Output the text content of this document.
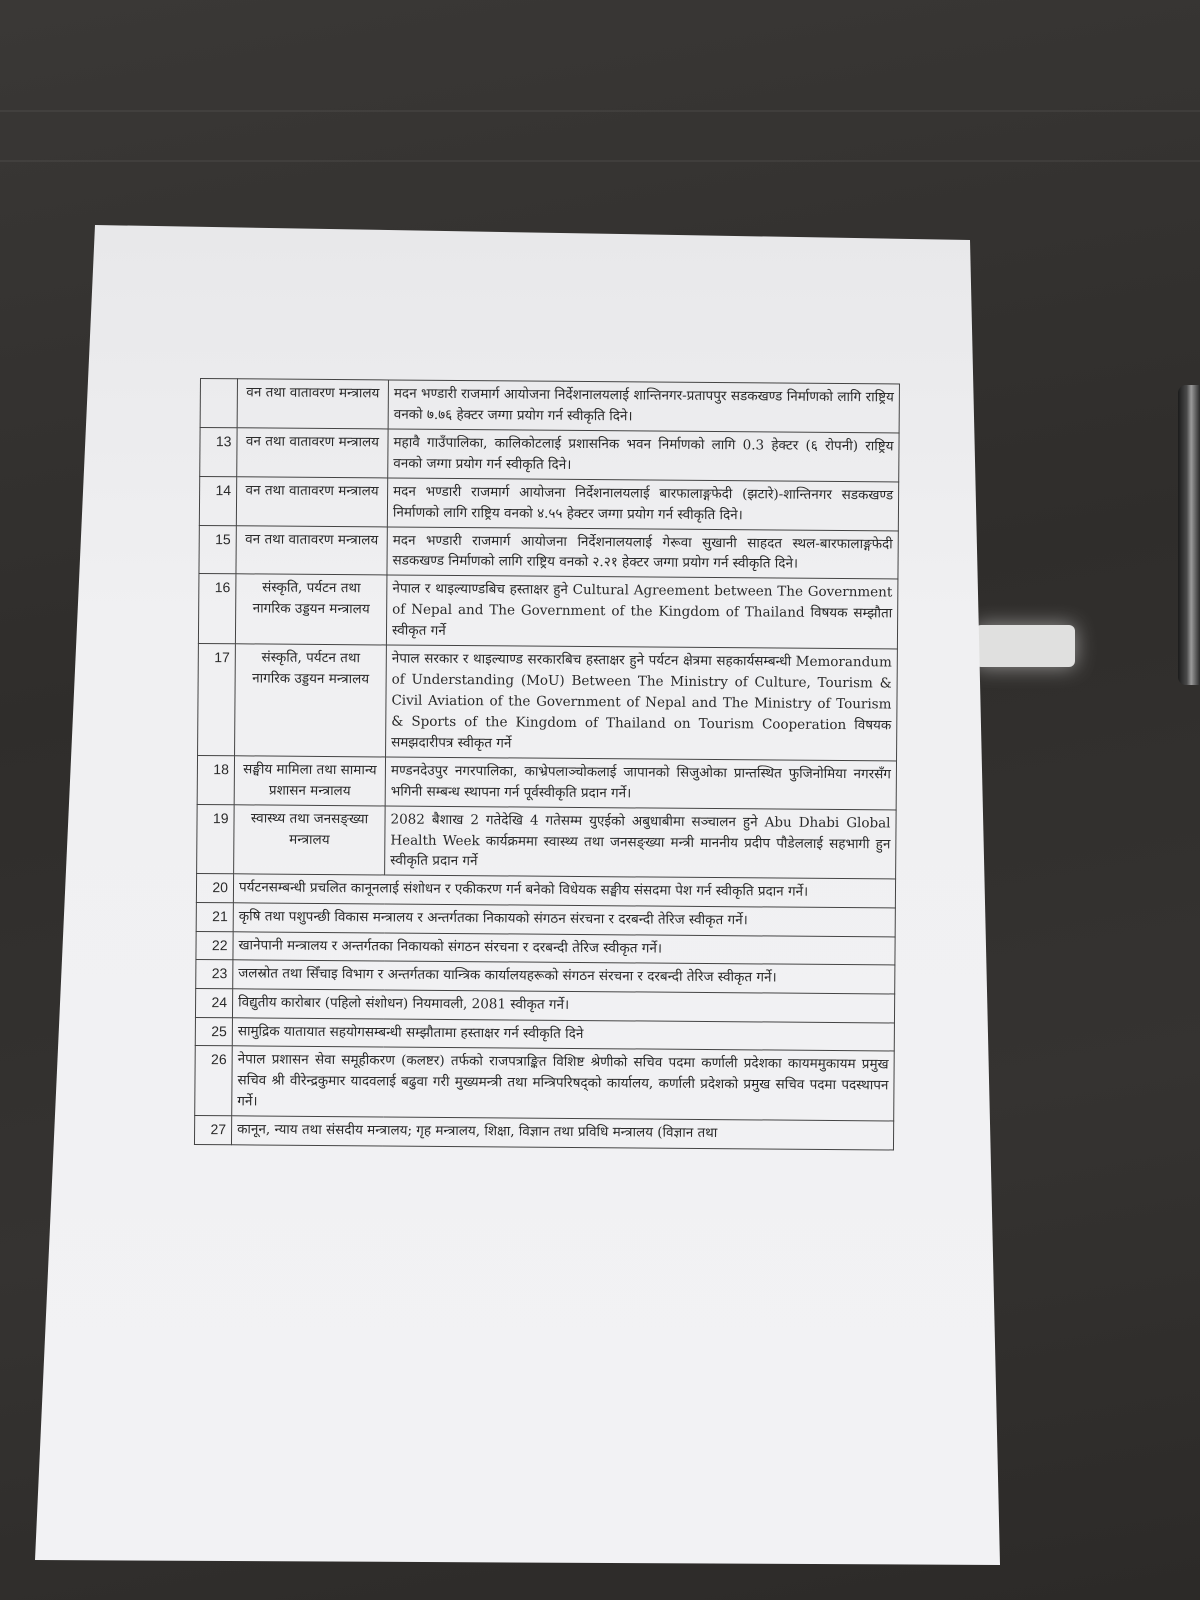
	वन तथा वातावरण मन्त्रालय	मदन भण्डारी राजमार्ग आयोजना निर्देशनालयलाई शान्तिनगर-प्रतापपुर सडकखण्ड निर्माणको लागि राष्ट्रिय वनको ७.७६ हेक्टर जग्गा प्रयोग गर्न स्वीकृति दिने।
13	वन तथा वातावरण मन्त्रालय	महावै गाउँपालिका, कालिकोटलाई प्रशासनिक भवन निर्माणको लागि 0.3 हेक्टर (६ रोपनी) राष्ट्रिय वनको जग्गा प्रयोग गर्न स्वीकृति दिने।
14	वन तथा वातावरण मन्त्रालय	मदन भण्डारी राजमार्ग आयोजना निर्देशनालयलाई बारफालाङ्गफेदी (झटारे)-शान्तिनगर सडकखण्ड निर्माणको लागि राष्ट्रिय वनको ४.५५ हेक्टर जग्गा प्रयोग गर्न स्वीकृति दिने।
15	वन तथा वातावरण मन्त्रालय	मदन भण्डारी राजमार्ग आयोजना निर्देशनालयलाई गेरूवा सुखानी साहदत स्थल-बारफालाङ्गफेदी सडकखण्ड निर्माणको लागि राष्ट्रिय वनको २.२१ हेक्टर जग्गा प्रयोग गर्न स्वीकृति दिने।
16	संस्कृति, पर्यटन तथा नागरिक उड्डयन मन्त्रालय	नेपाल र थाइल्याण्डबिच हस्ताक्षर हुने Cultural Agreement between The Government of Nepal and The Government of the Kingdom of Thailand विषयक सम्झौता स्वीकृत गर्ने
17	संस्कृति, पर्यटन तथा नागरिक उड्डयन मन्त्रालय	नेपाल सरकार र थाइल्याण्ड सरकारबिच हस्ताक्षर हुने पर्यटन क्षेत्रमा सहकार्यसम्बन्धी Memorandum of Understanding (MoU) Between The Ministry of Culture, Tourism & Civil Aviation of the Government of Nepal and The Ministry of Tourism & Sports of the Kingdom of Thailand on Tourism Cooperation विषयक समझदारीपत्र स्वीकृत गर्ने
18	सङ्घीय मामिला तथा सामान्य प्रशासन मन्त्रालय	मण्डनदेउपुर नगरपालिका, काभ्रेपलाञ्चोकलाई जापानको सिजुओका प्रान्तस्थित फुजिनोमिया नगरसँग भगिनी सम्बन्ध स्थापना गर्न पूर्वस्वीकृति प्रदान गर्ने।
19	स्वास्थ्य तथा जनसङ्ख्या मन्त्रालय	2082 बैशाख 2 गतेदेखि 4 गतेसम्म युएईको अबुधाबीमा सञ्चालन हुने Abu Dhabi Global Health Week कार्यक्रममा स्वास्थ्य तथा जनसङ्ख्या मन्त्री माननीय प्रदीप पौडेललाई सहभागी हुन स्वीकृति प्रदान गर्ने
20	पर्यटनसम्बन्धी प्रचलित कानूनलाई संशोधन र एकीकरण गर्न बनेको विधेयक सङ्घीय संसदमा पेश गर्न स्वीकृति प्रदान गर्ने।	
21	कृषि तथा पशुपन्छी विकास मन्त्रालय र अन्तर्गतका निकायको संगठन संरचना र दरबन्दी तेरिज स्वीकृत गर्ने।	
22	खानेपानी मन्त्रालय र अन्तर्गतका निकायको संगठन संरचना र दरबन्दी तेरिज स्वीकृत गर्ने।	
23	जलस्रोत तथा सिँचाइ विभाग र अन्तर्गतका यान्त्रिक कार्यालयहरूको संगठन संरचना र दरबन्दी तेरिज स्वीकृत गर्ने।	
24	विद्युतीय कारोबार (पहिलो संशोधन) नियमावली, 2081 स्वीकृत गर्ने।	
25	सामुद्रिक यातायात सहयोगसम्बन्धी सम्झौतामा हस्ताक्षर गर्न स्वीकृति दिने	
26	नेपाल प्रशासन सेवा समूहीकरण (कलष्टर) तर्फको राजपत्राङ्कित विशिष्ट श्रेणीको सचिव पदमा कर्णाली प्रदेशका कायममुकायम प्रमुख सचिव श्री वीरेन्द्रकुमार यादवलाई बढुवा गरी मुख्यमन्त्री तथा मन्त्रिपरिषद्को कार्यालय, कर्णाली प्रदेशको प्रमुख सचिव पदमा पदस्थापन गर्ने।	
27	कानून, न्याय तथा संसदीय मन्त्रालय; गृह मन्त्रालय, शिक्षा, विज्ञान तथा प्रविधि मन्त्रालय (विज्ञान तथा	
